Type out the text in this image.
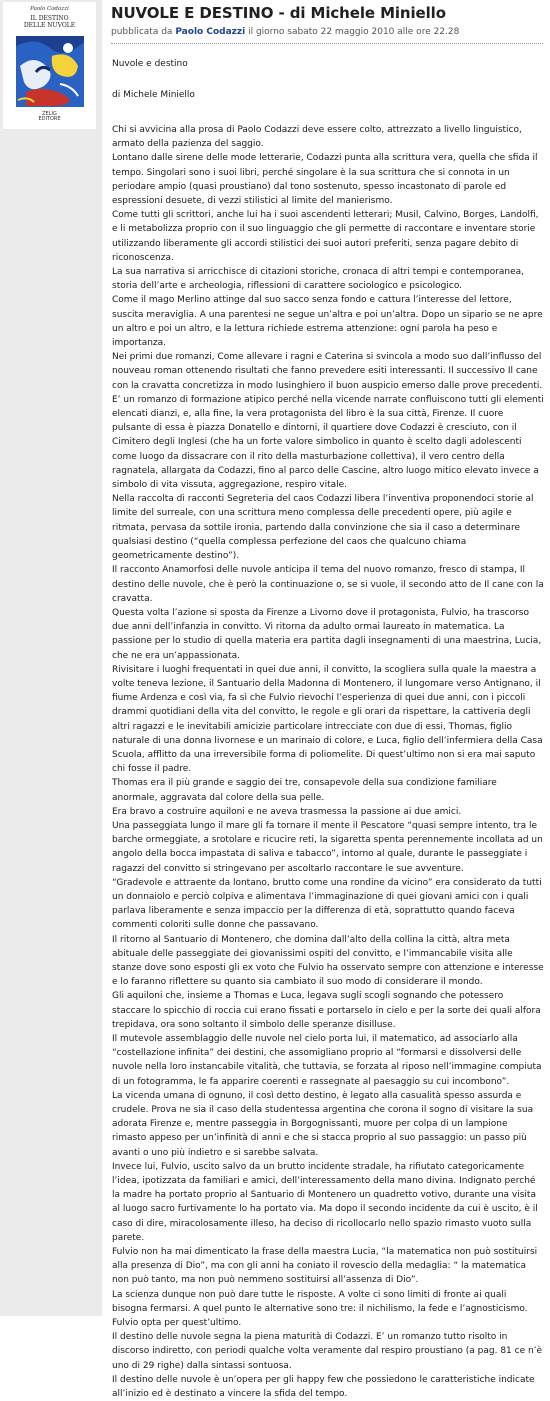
Paolo Codazzi
IL DESTINO
DELLE NUVOLE
ZELIG
EDITORE
NUVOLE E DESTINO - di Michele Miniello
pubblicata da Paolo Codazzi il giorno sabato 22 maggio 2010 alle ore 22.28
Nuvole e destino
di Michele Miniello

Chi si avvicina alla prosa di Paolo Codazzi deve essere colto, attrezzato a livello linguistico, armato della pazienza del saggio.

Lontano dalle sirene delle mode letterarie, Codazzi punta alla scrittura vera, quella che sfida il tempo. Singolari sono i suoi libri, perché singolare è la sua scrittura che si connota in un periodare ampio (quasi proustiano) dal tono sostenuto, spesso incastonato di parole ed espressioni desuete, di vezzi stilistici al limite del manierismo.

Come tutti gli scrittori, anche lui ha i suoi ascendenti letterari; Musil, Calvino, Borges, Landolfi, e li metabolizza proprio con il suo linguaggio che gli permette di raccontare e inventare storie utilizzando liberamente gli accordi stilistici dei suoi autori preferiti, senza pagare debito di riconoscenza.

La sua narrativa si arricchisce di citazioni storiche, cronaca di altri tempi e contemporanea, storia dell’arte e archeologia, riflessioni di carattere sociologico e psicologico.

Come il mago Merlino attinge dal suo sacco senza fondo e cattura l’interesse del lettore, suscita meraviglia. A una parentesi ne segue un’altra e poi un’altra. Dopo un sipario se ne apre un altro e poi un altro, e la lettura richiede estrema attenzione: ogni parola ha peso e importanza.

Nei primi due romanzi, Come allevare i ragni e Caterina si svincola a modo suo dall’influsso del nouveau roman ottenendo risultati che fanno prevedere esiti interessanti. Il successivo Il cane con la cravatta concretizza in modo lusinghiero il buon auspicio emerso dalle prove precedenti.

E’ un romanzo di formazione atipico perché nella vicende narrate confluiscono tutti gli elementi elencati dianzi, e, alla fine, la vera protagonista del libro è la sua città, Firenze. Il cuore pulsante di essa è piazza Donatello e dintorni, il quartiere dove Codazzi è cresciuto, con il Cimitero degli Inglesi (che ha un forte valore simbolico in quanto è scelto dagli adolescenti come luogo da dissacrare con il rito della masturbazione collettiva), il vero centro della ragnatela, allargata da Codazzi, fino al parco delle Cascine, altro luogo mitico elevato invece a simbolo di vita vissuta, aggregazione, respiro vitale.

Nella raccolta di racconti Segreteria del caos Codazzi libera l’inventiva proponendoci storie al limite del surreale, con una scrittura meno complessa delle precedenti opere, più agile e ritmata, pervasa da sottile ironia, partendo dalla convinzione che sia il caso a determinare qualsiasi destino (“quella complessa perfezione del caos che qualcuno chiama geometricamente destino”).

Il racconto Anamorfosi delle nuvole anticipa il tema del nuovo romanzo, fresco di stampa, Il destino delle nuvole, che è però la continuazione o, se si vuole, il secondo atto de Il cane con la cravatta.

Questa volta l’azione si sposta da Firenze a Livorno dove il protagonista, Fulvio, ha trascorso due anni dell’infanzia in convitto. Vi ritorna da adulto ormai laureato in matematica. La passione per lo studio di quella materia era partita dagli insegnamenti di una maestrina, Lucia, che ne era un’appassionata.

Rivisitare i luoghi frequentati in quei due anni, il convitto, la scogliera sulla quale la maestra a volte teneva lezione, il Santuario della Madonna di Montenero, il lungomare verso Antignano, il fiume Ardenza e così via, fa sì che Fulvio rievochi l’esperienza di quei due anni, con i piccoli drammi quotidiani della vita del convitto, le regole e gli orari da rispettare, la cattiveria degli altri ragazzi e le inevitabili amicizie particolare intrecciate con due di essi, Thomas, figlio naturale di una donna livornese e un marinaio di colore, e Luca, figlio dell’infermiera della Casa Scuola, afflitto da una irreversibile forma di poliomelite. Di quest’ultimo non si era mai saputo chi fosse il padre.

Thomas era il più grande e saggio dei tre, consapevole della sua condizione familiare anormale, aggravata dal colore della sua pelle.

Era bravo a costruire aquiloni e ne aveva trasmessa la passione ai due amici.

Una passeggiata lungo il mare gli fa tornare il mente il Pescatore “quasi sempre intento, tra le barche ormeggiate, a srotolare e ricucire reti, la sigaretta spenta perennemente incollata ad un angolo della bocca impastata di saliva e tabacco”, intorno al quale, durante le passeggiate i ragazzi del convitto si stringevano per ascoltarlo raccontare le sue avventure.

“Gradevole e attraente da lontano, brutto come una rondine da vicino” era considerato da tutti un donnaiolo e perciò colpiva e alimentava l’immaginazione di quei giovani amici con i quali parlava liberamente e senza impaccio per la differenza di età, soprattutto quando faceva commenti coloriti sulle donne che passavano.

Il ritorno al Santuario di Montenero, che domina dall’alto della collina la città, altra meta abituale delle passeggiate dei giovanissimi ospiti del convitto, e l’immancabile visita alle stanze dove sono esposti gli ex voto che Fulvio ha osservato sempre con attenzione e interesse e lo faranno riflettere su quanto sia cambiato il suo modo di considerare il mondo.

Gli aquiloni che, insieme a Thomas e Luca, legava sugli scogli sognando che potessero staccare lo spicchio di roccia cui erano fissati e portarselo in cielo e per la sorte dei quali alfora trepidava, ora sono soltanto il simbolo delle speranze disilluse.

Il mutevole assemblaggio delle nuvole nel cielo porta lui, il matematico, ad associarlo alla “costellazione infinita” dei destini, che assomigliano proprio al “formarsi e dissolversi delle nuvole nella loro instancabile vitalità, che tuttavia, se forzata al riposo nell’immagine compiuta di un fotogramma, le fa apparire coerenti e rassegnate al paesaggio su cui incombono”.

La vicenda umana di ognuno, il così detto destino, è legato alla casualità spesso assurda e crudele. Prova ne sia il caso della studentessa argentina che corona il sogno di visitare la sua adorata Firenze e, mentre passeggia in Borgognissanti, muore per colpa di un lampione rimasto appeso per un’infinità di anni e che si stacca proprio al suo passaggio: un passo più avanti o uno più indietro e si sarebbe salvata.

Invece lui, Fulvio, uscito salvo da un brutto incidente stradale, ha rifiutato categoricamente l’idea, ipotizzata da familiari e amici, dell’interessamento della mano divina. Indignato perché la madre ha portato proprio al Santuario di Montenero un quadretto votivo, durante una visita al luogo sacro furtivamente lo ha portato via. Ma dopo il secondo incidente da cui è uscito, è il caso di dire, miracolosamente illeso, ha deciso di ricollocarlo nello spazio rimasto vuoto sulla parete.

Fulvio non ha mai dimenticato la frase della maestra Lucia, “la matematica non può sostituirsi alla presenza di Dio”, ma con gli anni ha coniato il rovescio della medaglia: “ la matematica non può tanto, ma non può nemmeno sostituirsi all’assenza di Dio”.

La scienza dunque non può dare tutte le risposte. A volte ci sono limiti di fronte ai quali bisogna fermarsi. A quel punto le alternative sono tre: il nichilismo, la fede e l’agnosticismo. Fulvio opta per quest’ultimo.

Il destino delle nuvole segna la piena maturità di Codazzi. E’ un romanzo tutto risolto in discorso indiretto, con periodi qualche volta veramente dal respiro proustiano (a pag. 81 ce n’è uno di 29 righe) dalla sintassi sontuosa.

Il destino delle nuvole è un’opera per gli happy few che possiedono le caratteristiche indicate all’inizio ed è destinato a vincere la sfida del tempo.
